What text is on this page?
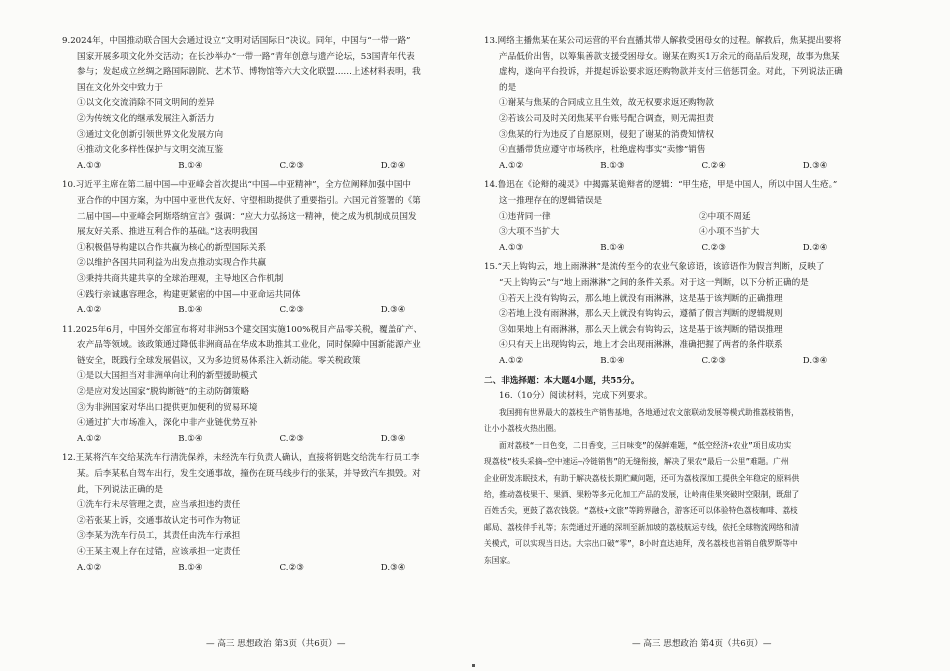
9.2024年，中国推动联合国大会通过设立“文明对话国际日”决议。同年，中国与“一带一路”
国家开展多项文化外交活动；在长沙举办“一带一路”青年创意与遗产论坛，53国青年代表
参与；发起成立丝绸之路国际剧院、艺术节、博物馆等六大文化联盟……上述材料表明，我
国在文化外交中致力于
①以文化交流消除不同文明间的差异
②为传统文化的继承发展注入新活力
③通过文化创新引领世界文化发展方向
④推动文化多样性保护与文明交流互鉴
A.①③	B.①④	C.②③	D.②④
10.习近平主席在第二届中国—中亚峰会首次提出“中国—中亚精神”，全方位阐释加强中国中
亚合作的中国方案，为中国中亚世代友好、守望相助提供了重要指引。六国元首签署的《第
二届中国—中亚峰会阿斯塔纳宣言》强调：“应大力弘扬这一精神，使之成为机制成员国发
展友好关系、推进互利合作的基础。”这表明我国
①积极倡导构建以合作共赢为核心的新型国际关系
②以维护各国共同利益为出发点推动实现合作共赢
③秉持共商共建共享的全球治理观，主导地区合作机制
④践行亲诚惠容理念，构建更紧密的中国—中亚命运共同体
A.①②	B.①④	C.②③	D.③④
11.2025年6月，中国外交部宣布将对非洲53个建交国实施100%税目产品零关税，覆盖矿产、
农产品等领域。该政策通过降低非洲商品在华成本助推其工业化，同时保障中国新能源产业
链安全，既践行全球发展倡议，又为多边贸易体系注入新动能。零关税政策
①是以大国担当对非洲单向让利的新型援助模式
②是应对发达国家“脱钩断链”的主动防御策略
③为非洲国家对华出口提供更加便利的贸易环境
④通过扩大市场准入，深化中非产业链优势互补
A.①②	B.①④	C.②③	D.③④
12.王某将汽车交给某洗车行清洗保养，未经洗车行负责人确认，直接将钥匙交给洗车行员工李
某。后李某私自驾车出行，发生交通事故，撞伤在斑马线步行的张某，并导致汽车损毁。对
此，下列说法正确的是
①洗车行未尽管理之责，应当承担违约责任
②若张某上诉，交通事故认定书可作为物证
③李某为洗车行员工，其责任由洗车行承担
④王某主观上存在过错，应该承担一定责任
A.①②	B.①④	C.②③	D.③④
13.网络主播焦某在某公司运营的平台直播其带人解救受困母女的过程。解救后，焦某提出要将
产品低价出售，以筹集善款支援受困母女。谢某在购买1万余元的商品后发现，故事为焦某
虚构，遂向平台投诉，并提起诉讼要求返还购物款并支付三倍惩罚金。对此，下列说法正确
的是
①谢某与焦某的合同成立且生效，故无权要求返还购物款
②若该公司及时关闭焦某平台账号配合调查，则无需担责
③焦某的行为违反了自愿原则，侵犯了谢某的消费知情权
④直播带货应遵守市场秩序，杜绝虚构事实“卖惨”销售
A.①②	B.①③	C.②④	D.③④
14.鲁迅在《论辩的魂灵》中揭露某诡辩者的逻辑：“甲生疮，甲是中国人，所以中国人生疮。”
这一推理存在的逻辑错误是
①违背同一律	②中项不周延
③大项不当扩大	④小项不当扩大
A.①③	B.①④	C.②③	D.②④
15.“天上钩钩云，地上雨淋淋”是流传至今的农业气象谚语，该谚语作为假言判断，反映了
“天上钩钩云”与“地上雨淋淋”之间的条件关系。对于这一判断，以下分析正确的是
①若天上没有钩钩云，那么地上就没有雨淋淋，这是基于该判断的正确推理
②若地上没有雨淋淋，那么天上就没有钩钩云，遵循了假言判断的逻辑规则
③如果地上有雨淋淋，那么天上就会有钩钩云，这是基于该判断的错误推理
④只有天上出现钩钩云，地上才会出现雨淋淋，准确把握了两者的条件联系
A.①②	B.①④	C.②③	D.③④
二、非选择题：本大题4小题，共55分。
16.（10分）阅读材料，完成下列要求。
我国拥有世界最大的荔枝生产销售基地，各地通过农文旅联动发展等模式助推荔枝销售，
让小小荔枝火热出圈。
面对荔枝“一日色变，二日香变，三日味变”的保鲜难题，“低空经济+农业”项目成功实
现荔枝“枝头采摘—空中速运—冷链销售”的无缝衔接，解决了果农“最后一公里”难题。广州
企业研发冻眠技术，有助于解决荔枝长期贮藏问题，还可为荔枝深加工提供全年稳定的原料供
给，推动荔枝果干、果酒、果粉等多元化加工产品的发展，让岭南佳果突破时空限制，既甜了
百姓舌尖，更鼓了荔农钱袋。“荔枝+文旅”等跨界融合，游客还可以体验特色荔枝咖啡、荔枝
邮局、荔枝伴手礼等；东莞通过开通的深圳至新加坡的荔枝航运专线，依托全球物流网络和清
关模式，可以实现当日达。大宗出口破“零”，8小时直达迪拜，茂名荔枝也首销自俄罗斯等中
东国家。
— 高三 思想政治 第3页（共6页）—	— 高三 思想政治 第4页（共6页）—
